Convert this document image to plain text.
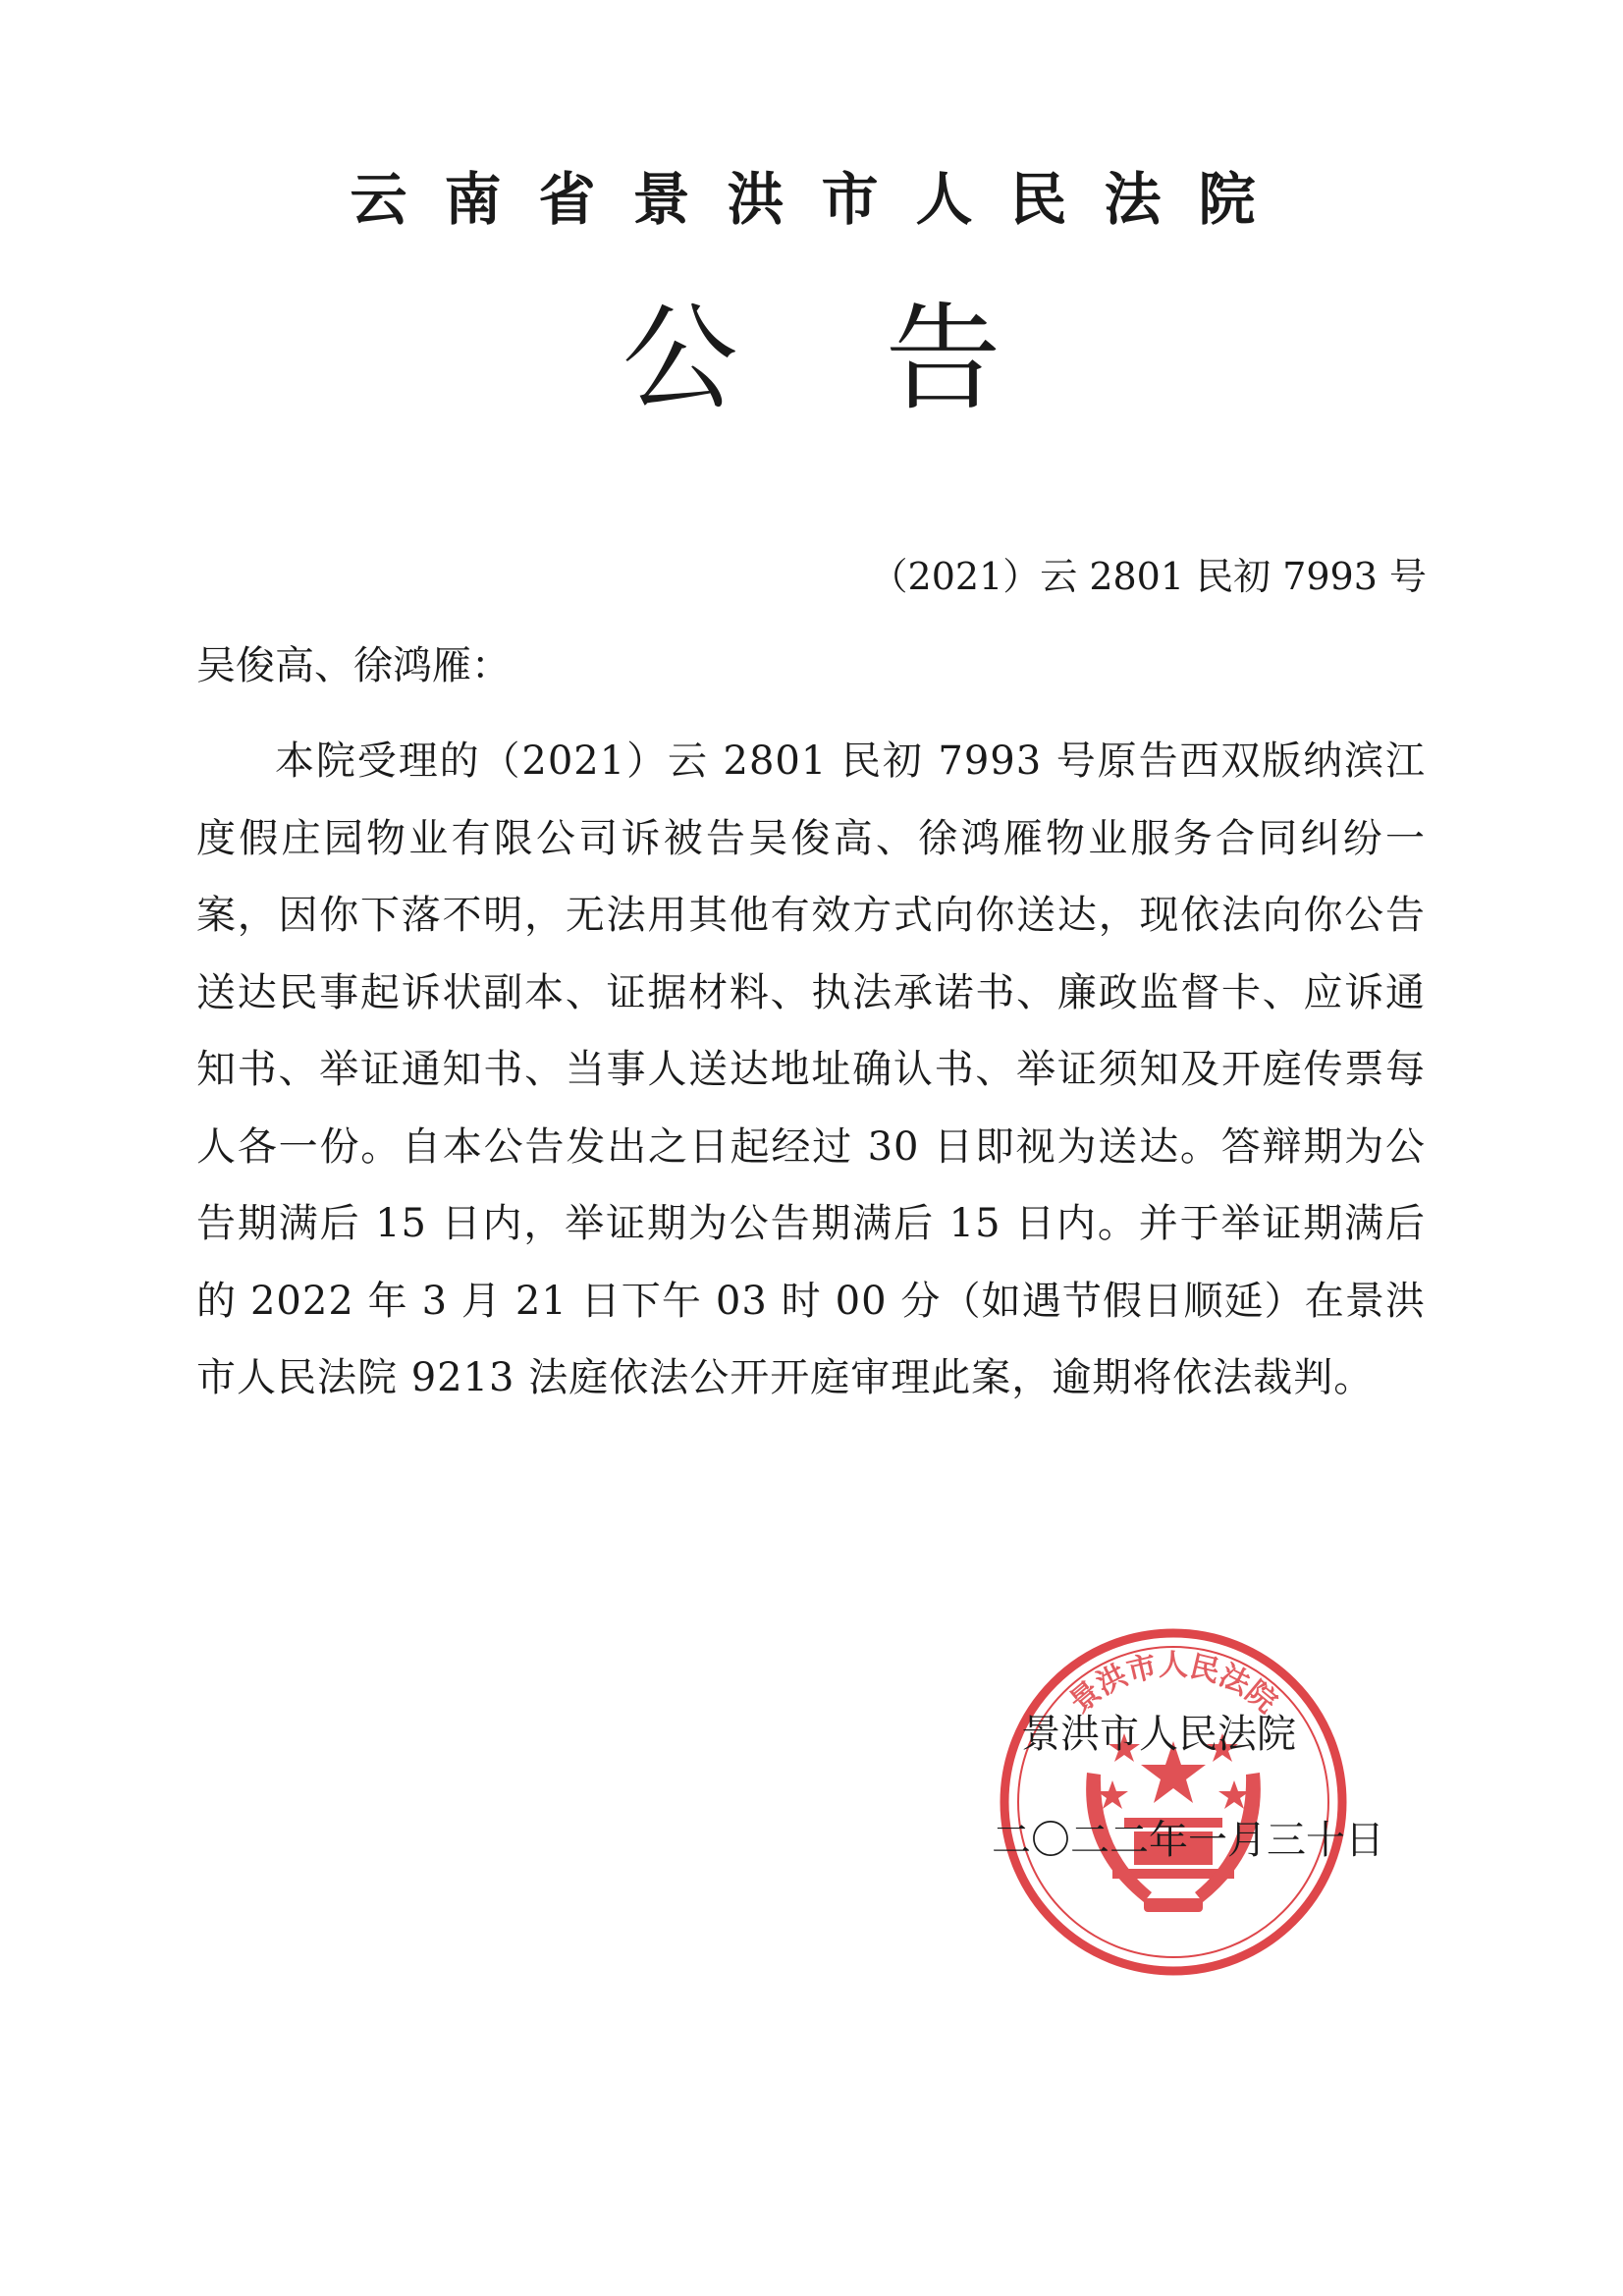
云南省景洪市人民法院
公告
（2021）云 2801 民初 7993 号
吴俊高、徐鸿雁：

本院受理的（2021）云 2801 民初 7993 号原告西双版纳滨江度假庄园物业有限公司诉被告吴俊高、徐鸿雁物业服务合同纠纷一案，因你下落不明，无法用其他有效方式向你送达，现依法向你公告送达民事起诉状副本、证据材料、执法承诺书、廉政监督卡、应诉通知书、举证通知书、当事人送达地址确认书、举证须知及开庭传票每人各一份。自本公告发出之日起经过 30 日即视为送达。答辩期为公告期满后 15 日内，举证期为公告期满后 15 日内。并于举证期满后的 2022 年 3 月 21 日下午 03 时 00 分（如遇节假日顺延）在景洪市人民法院 9213 法庭依法公开开庭审理此案，逾期将依法裁判。

景洪市人民法院
景洪市人民法院
二〇二二年一月三十日
